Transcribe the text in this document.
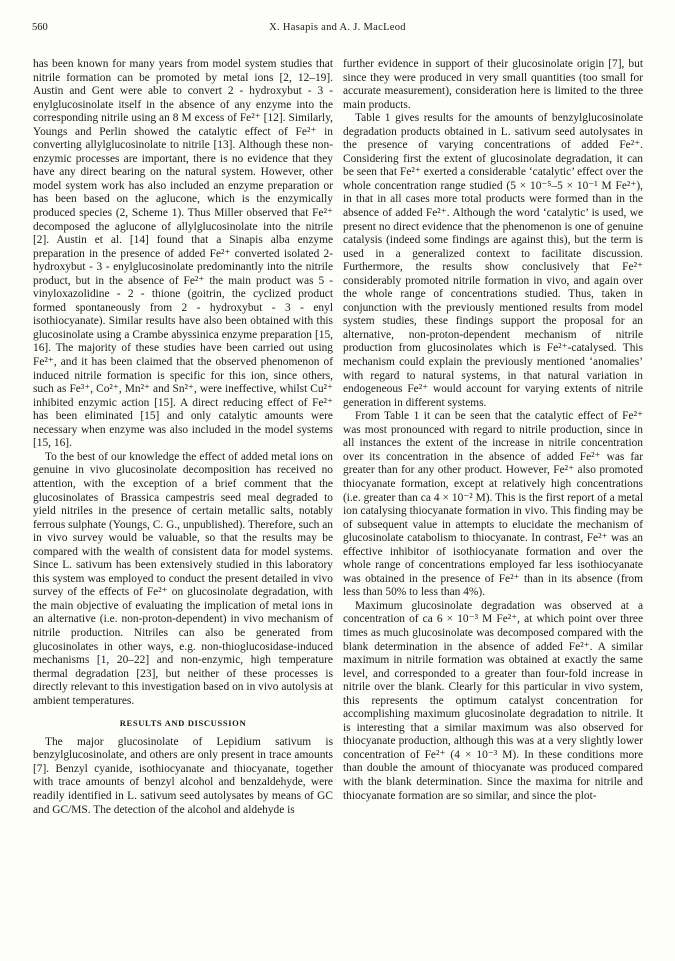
560	X. Hasapis and A. J. MacLeod

has been known for many years from model system studies that nitrile formation can be promoted by metal ions [2, 12–19]. Austin and Gent were able to convert 2 - hydroxybut - 3 - enylglucosinolate itself in the absence of any enzyme into the corresponding nitrile using an 8 M excess of Fe²⁺ [12]. Similarly, Youngs and Perlin showed the catalytic effect of Fe²⁺ in converting allylglucosinolate to nitrile [13]. Although these non-enzymic processes are important, there is no evidence that they have any direct bearing on the natural system. However, other model system work has also included an enzyme preparation or has been based on the aglucone, which is the enzymically produced species (2, Scheme 1). Thus Miller observed that Fe²⁺ decomposed the aglucone of allylglucosinolate into the nitrile [2]. Austin et al. [14] found that a Sinapis alba enzyme preparation in the presence of added Fe²⁺ converted isolated 2-hydroxybut - 3 - enylglucosinolate predominantly into the nitrile product, but in the absence of Fe²⁺ the main product was 5 - vinyloxazolidine - 2 - thione (goitrin, the cyclized product formed spontaneously from 2 - hydroxybut - 3 - enyl isothiocyanate). Similar results have also been obtained with this glucosinolate using a Crambe abyssinica enzyme preparation [15, 16]. The majority of these studies have been carried out using Fe²⁺, and it has been claimed that the observed phenomenon of induced nitrile formation is specific for this ion, since others, such as Fe³⁺, Co²⁺, Mn²⁺ and Sn²⁺, were ineffective, whilst Cu²⁺ inhibited enzymic action [15]. A direct reducing effect of Fe²⁺ has been eliminated [15] and only catalytic amounts were necessary when enzyme was also included in the model systems [15, 16].

To the best of our knowledge the effect of added metal ions on genuine in vivo glucosinolate decomposition has received no attention, with the exception of a brief comment that the glucosinolates of Brassica campestris seed meal degraded to yield nitriles in the presence of certain metallic salts, notably ferrous sulphate (Youngs, C. G., unpublished). Therefore, such an in vivo survey would be valuable, so that the results may be compared with the wealth of consistent data for model systems. Since L. sativum has been extensively studied in this laboratory this system was employed to conduct the present detailed in vivo survey of the effects of Fe²⁺ on glucosinolate degradation, with the main objective of evaluating the implication of metal ions in an alternative (i.e. non-proton-dependent) in vivo mechanism of nitrile production. Nitriles can also be generated from glucosinolates in other ways, e.g. non-thioglucosidase-induced mechanisms [1, 20–22] and non-enzymic, high temperature thermal degradation [23], but neither of these processes is directly relevant to this investigation based on in vivo autolysis at ambient temperatures.

RESULTS AND DISCUSSION

The major glucosinolate of Lepidium sativum is benzylglucosinolate, and others are only present in trace amounts [7]. Benzyl cyanide, isothiocyanate and thiocyanate, together with trace amounts of benzyl alcohol and benzaldehyde, were readily identified in L. sativum seed autolysates by means of GC and GC/MS. The detection of the alcohol and aldehyde is

further evidence in support of their glucosinolate origin [7], but since they were produced in very small quantities (too small for accurate measurement), consideration here is limited to the three main products.

Table 1 gives results for the amounts of benzylglucosinolate degradation products obtained in L. sativum seed autolysates in the presence of varying concentrations of added Fe²⁺. Considering first the extent of glucosinolate degradation, it can be seen that Fe²⁺ exerted a considerable ‘catalytic’ effect over the whole concentration range studied (5 × 10⁻⁵–5 × 10⁻¹ M Fe²⁺), in that in all cases more total products were formed than in the absence of added Fe²⁺. Although the word ‘catalytic’ is used, we present no direct evidence that the phenomenon is one of genuine catalysis (indeed some findings are against this), but the term is used in a generalized context to facilitate discussion. Furthermore, the results show conclusively that Fe²⁺ considerably promoted nitrile formation in vivo, and again over the whole range of concentrations studied. Thus, taken in conjunction with the previously mentioned results from model system studies, these findings support the proposal for an alternative, non-proton-dependent mechanism of nitrile production from glucosinolates which is Fe²⁺-catalysed. This mechanism could explain the previously mentioned ‘anomalies’ with regard to natural systems, in that natural variation in endogeneous Fe²⁺ would account for varying extents of nitrile generation in different systems.

From Table 1 it can be seen that the catalytic effect of Fe²⁺ was most pronounced with regard to nitrile production, since in all instances the extent of the increase in nitrile concentration over its concentration in the absence of added Fe²⁺ was far greater than for any other product. However, Fe²⁺ also promoted thiocyanate formation, except at relatively high concentrations (i.e. greater than ca 4 × 10⁻² M). This is the first report of a metal ion catalysing thiocyanate formation in vivo. This finding may be of subsequent value in attempts to elucidate the mechanism of glucosinolate catabolism to thiocyanate. In contrast, Fe²⁺ was an effective inhibitor of isothiocyanate formation and over the whole range of concentrations employed far less isothiocyanate was obtained in the presence of Fe²⁺ than in its absence (from less than 50% to less than 4%).

Maximum glucosinolate degradation was observed at a concentration of ca 6 × 10⁻³ M Fe²⁺, at which point over three times as much glucosinolate was decomposed compared with the blank determination in the absence of added Fe²⁺. A similar maximum in nitrile formation was obtained at exactly the same level, and corresponded to a greater than four-fold increase in nitrile over the blank. Clearly for this particular in vivo system, this represents the optimum catalyst concentration for accomplishing maximum glucosinolate degradation to nitrile. It is interesting that a similar maximum was also observed for thiocyanate production, although this was at a very slightly lower concentration of Fe²⁺ (4 × 10⁻³ M). In these conditions more than double the amount of thiocyanate was produced compared with the blank determination. Since the maxima for nitrile and thiocyanate formation are so similar, and since the plot-
